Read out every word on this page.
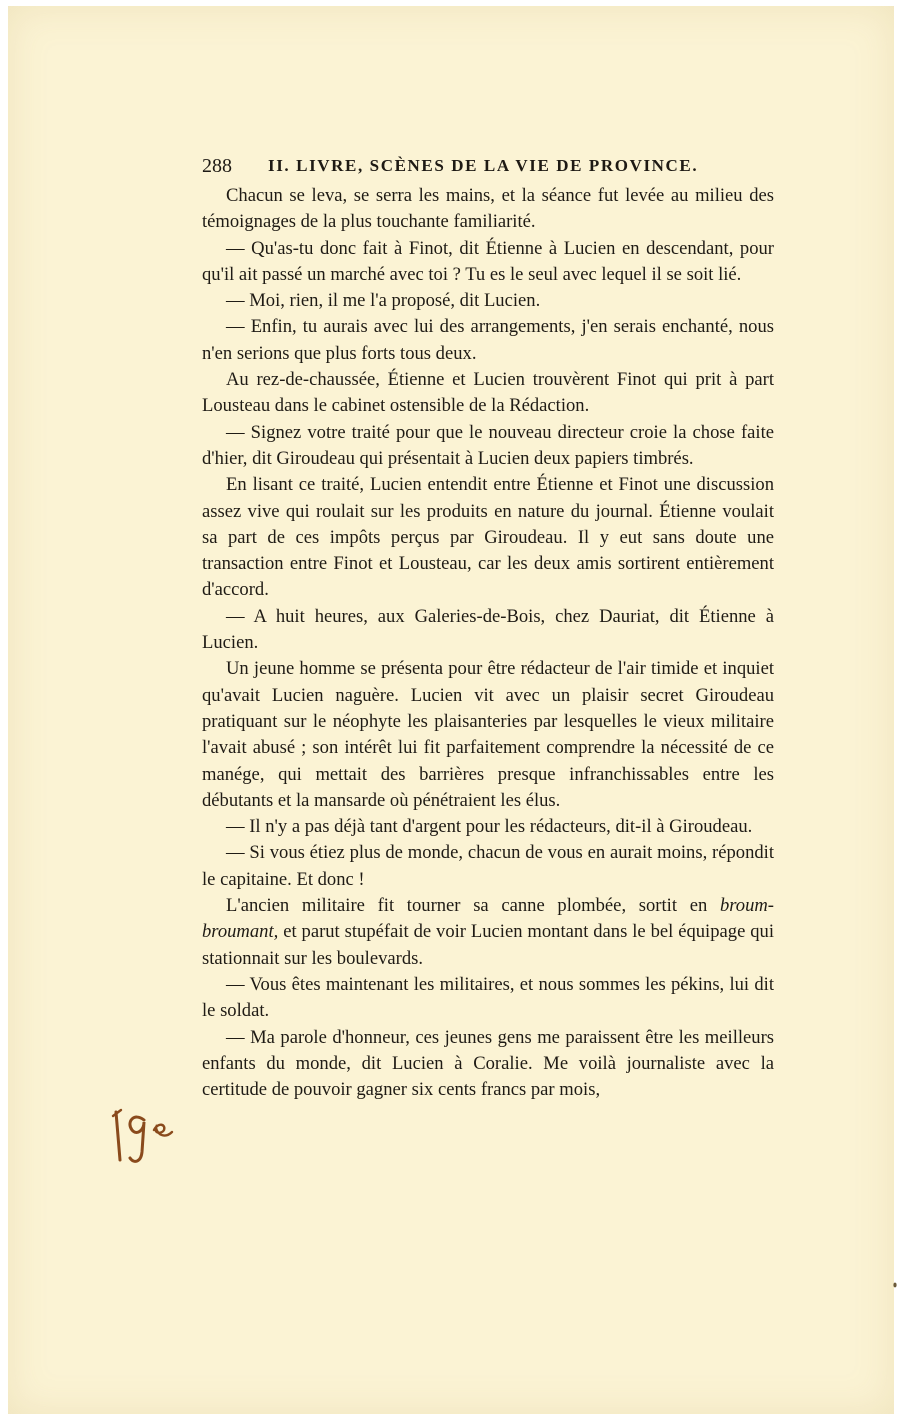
288 II. LIVRE, SCÈNES DE LA VIE DE PROVINCE.

Chacun se leva, se serra les mains, et la séance fut levée au milieu des témoignages de la plus touchante familiarité.

— Qu'as-tu donc fait à Finot, dit Étienne à Lucien en descendant, pour qu'il ait passé un marché avec toi ? Tu es le seul avec lequel il se soit lié.

— Moi, rien, il me l'a proposé, dit Lucien.

— Enfin, tu aurais avec lui des arrangements, j'en serais enchanté, nous n'en serions que plus forts tous deux.

Au rez-de-chaussée, Étienne et Lucien trouvèrent Finot qui prit à part Lousteau dans le cabinet ostensible de la Rédaction.

— Signez votre traité pour que le nouveau directeur croie la chose faite d'hier, dit Giroudeau qui présentait à Lucien deux papiers timbrés.

En lisant ce traité, Lucien entendit entre Étienne et Finot une discussion assez vive qui roulait sur les produits en nature du journal. Étienne voulait sa part de ces impôts perçus par Giroudeau. Il y eut sans doute une transaction entre Finot et Lousteau, car les deux amis sortirent entièrement d'accord.

— A huit heures, aux Galeries-de-Bois, chez Dauriat, dit Étienne à Lucien.

Un jeune homme se présenta pour être rédacteur de l'air timide et inquiet qu'avait Lucien naguère. Lucien vit avec un plaisir secret Giroudeau pratiquant sur le néophyte les plaisanteries par lesquelles le vieux militaire l'avait abusé ; son intérêt lui fit parfaitement comprendre la nécessité de ce manége, qui mettait des barrières presque infranchissables entre les débutants et la mansarde où pénétraient les élus.

— Il n'y a pas déjà tant d'argent pour les rédacteurs, dit-il à Giroudeau.

— Si vous étiez plus de monde, chacun de vous en aurait moins, répondit le capitaine. Et donc !

L'ancien militaire fit tourner sa canne plombée, sortit en broum-broumant, et parut stupéfait de voir Lucien montant dans le bel équipage qui stationnait sur les boulevards.

— Vous êtes maintenant les militaires, et nous sommes les pékins, lui dit le soldat.

— Ma parole d'honneur, ces jeunes gens me paraissent être les meilleurs enfants du monde, dit Lucien à Coralie. Me voilà journaliste avec la certitude de pouvoir gagner six cents francs par mois,
